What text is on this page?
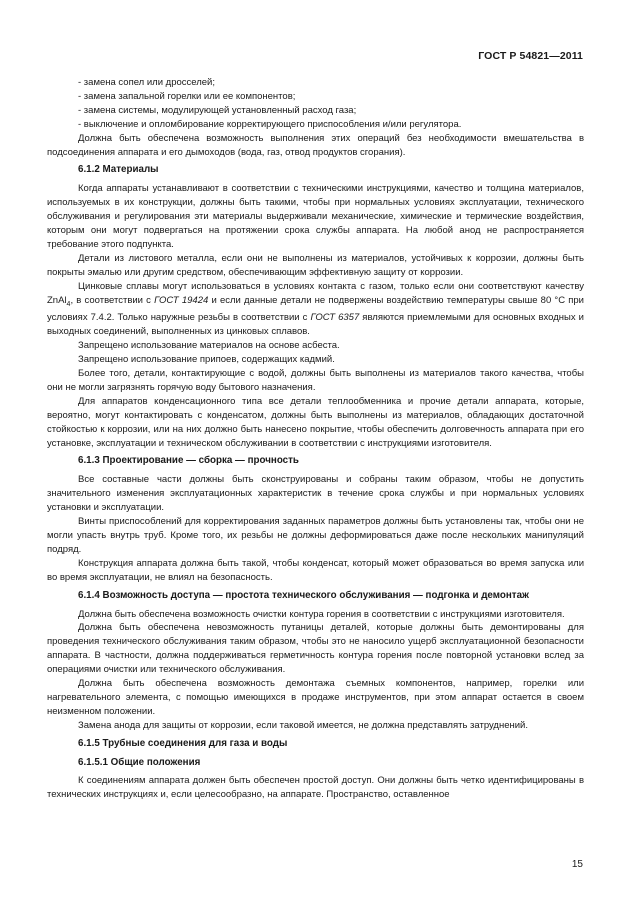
ГОСТ Р 54821—2011

- замена сопел или дросселей;

- замена запальной горелки или ее компонентов;

- замена системы, модулирующей установленный расход газа;

- выключение и опломбирование корректирующего приспособления и/или регулятора.

Должна быть обеспечена возможность выполнения этих операций без необходимости вмешательства в подсоединения аппарата и его дымоходов (вода, газ, отвод продуктов сгорания).

6.1.2 Материалы

Когда аппараты устанавливают в соответствии с техническими инструкциями, качество и толщина материалов, используемых в их конструкции, должны быть такими, чтобы при нормальных условиях эксплуатации, технического обслуживания и регулирования эти материалы выдерживали механические, химические и термические воздействия, которым они могут подвергаться на протяжении срока службы аппарата. На любой анод не распространяется требование этого подпункта.

Детали из листового металла, если они не выполнены из материалов, устойчивых к коррозии, должны быть покрыты эмалью или другим средством, обеспечивающим эффективную защиту от коррозии.

Цинковые сплавы могут использоваться в условиях контакта с газом, только если они соответствуют качеству ZnAl$_4$, в соответствии с ГОСТ 19424 и если данные детали не подвержены воздействию температуры свыше 80 °С при условиях 7.4.2. Только наружные резьбы в соответствии с ГОСТ 6357 являются приемлемыми для основных входных и выходных соединений, выполненных из цинковых сплавов.

Запрещено использование материалов на основе асбеста.

Запрещено использование припоев, содержащих кадмий.

Более того, детали, контактирующие с водой, должны быть выполнены из материалов такого качества, чтобы они не могли загрязнять горячую воду бытового назначения.

Для аппаратов конденсационного типа все детали теплообменника и прочие детали аппарата, которые, вероятно, могут контактировать с конденсатом, должны быть выполнены из материалов, обладающих достаточной стойкостью к коррозии, или на них должно быть нанесено покрытие, чтобы обеспечить долговечность аппарата при его установке, эксплуатации и техническом обслуживании в соответствии с инструкциями изготовителя.

6.1.3 Проектирование — сборка — прочность

Все составные части должны быть сконструированы и собраны таким образом, чтобы не допустить значительного изменения эксплуатационных характеристик в течение срока службы и при нормальных условиях установки и эксплуатации.

Винты приспособлений для корректирования заданных параметров должны быть установлены так, чтобы они не могли упасть внутрь труб. Кроме того, их резьбы не должны деформироваться даже после нескольких манипуляций подряд.

Конструкция аппарата должна быть такой, чтобы конденсат, который может образоваться во время запуска или во время эксплуатации, не влиял на безопасность.

6.1.4 Возможность доступа — простота технического обслуживания — подгонка и демонтаж

Должна быть обеспечена возможность очистки контура горения в соответствии с инструкциями изготовителя.

Должна быть обеспечена невозможность путаницы деталей, которые должны быть демонтированы для проведения технического обслуживания таким образом, чтобы это не наносило ущерб эксплуатационной безопасности аппарата. В частности, должна поддерживаться герметичность контура горения после повторной установки вслед за операциями очистки или технического обслуживания.

Должна быть обеспечена возможность демонтажа съемных компонентов, например, горелки или нагревательного элемента, с помощью имеющихся в продаже инструментов, при этом аппарат остается в своем неизменном положении.

Замена анода для защиты от коррозии, если таковой имеется, не должна представлять затруднений.

6.1.5 Трубные соединения для газа и воды

6.1.5.1 Общие положения

К соединениям аппарата должен быть обеспечен простой доступ. Они должны быть четко идентифицированы в технических инструкциях и, если целесообразно, на аппарате. Пространство, оставленное

15
